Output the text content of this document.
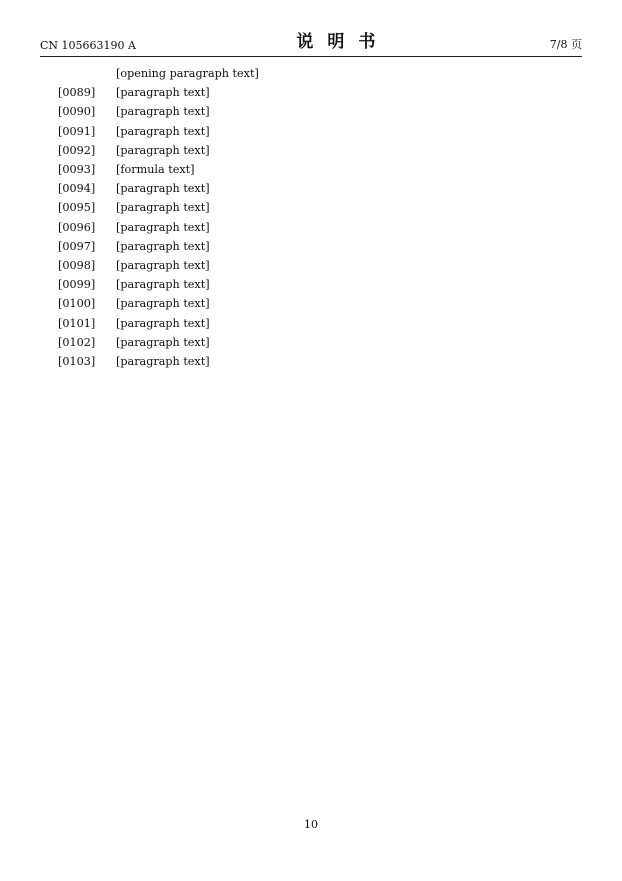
CN 105663190 A	说明书	7/8 页
[opening paragraph text]
[0089]	[paragraph text]
[0090]	[paragraph text]
[0091]	[paragraph text]
[0092]	[paragraph text]
[0093]	[formula text]
[0094]	[paragraph text]
[0095]	[paragraph text]
[0096]	[paragraph text]
[0097]	[paragraph text]
[0098]	[paragraph text]
[0099]	[paragraph text]
[0100]	[paragraph text]
[0101]	[paragraph text]
[0102]	[paragraph text]
[0103]	[paragraph text]
10
